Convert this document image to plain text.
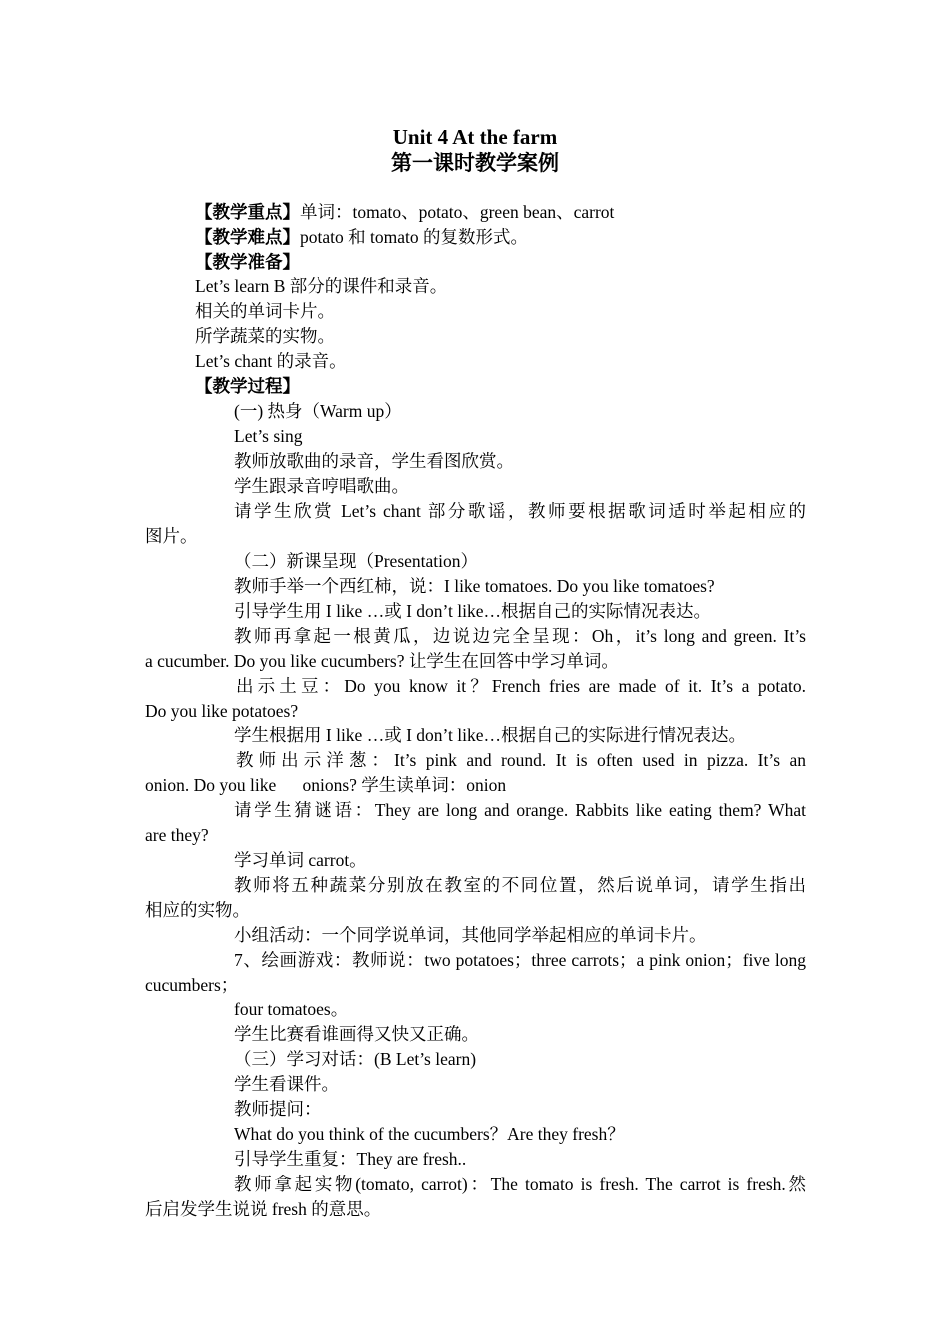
Unit 4 At the farm
第一课时教学案例
【教学重点】单词：tomato、potato、green bean、carrot
【教学难点】potato 和 tomato 的复数形式。
【教学准备】
Let’s learn B 部分的课件和录音。
相关的单词卡片。
所学蔬菜的实物。
Let’s chant 的录音。
【教学过程】
(一) 热身（Warm up）
Let’s sing
教师放歌曲的录音，学生看图欣赏。
学生跟录音哼唱歌曲。
请学生欣赏 Let’s chant 部分歌谣，教师要根据歌词适时举起相应的
图片。
（二）新课呈现（Presentation）
教师手举一个西红柿，说：I like tomatoes. Do you like tomatoes?
引导学生用 I like …或 I don’t like…根据自己的实际情况表达。
教师再拿起一根黄瓜，边说边完全呈现：Oh，it’s long and green. It’s
a cucumber. Do you like cucumbers? 让学生在回答中学习单词。
出示土豆：Do you know it？French fries are made of it. It’s a potato.
Do you like potatoes?
学生根据用 I like …或 I don’t like…根据自己的实际进行情况表达。
教师出示洋葱：It’s pink and round. It is often used in pizza. It’s an
onion. Do you like      onions? 学生读单词：onion
请学生猜谜语：They are long and orange. Rabbits like eating them? What
are they?
学习单词 carrot。
教师将五种蔬菜分别放在教室的不同位置，然后说单词，请学生指出
相应的实物。
小组活动：一个同学说单词，其他同学举起相应的单词卡片。
7、绘画游戏：教师说：two potatoes；three carrots；a pink onion；five long
cucumbers；
four tomatoes。
学生比赛看谁画得又快又正确。
（三）学习对话：(B Let’s learn)
学生看课件。
教师提问：
What do you think of the cucumbers？Are they fresh？
引导学生重复：They are fresh..
教师拿起实物(tomato, carrot)：The tomato is fresh. The carrot is fresh.然
后启发学生说说 fresh 的意思。
